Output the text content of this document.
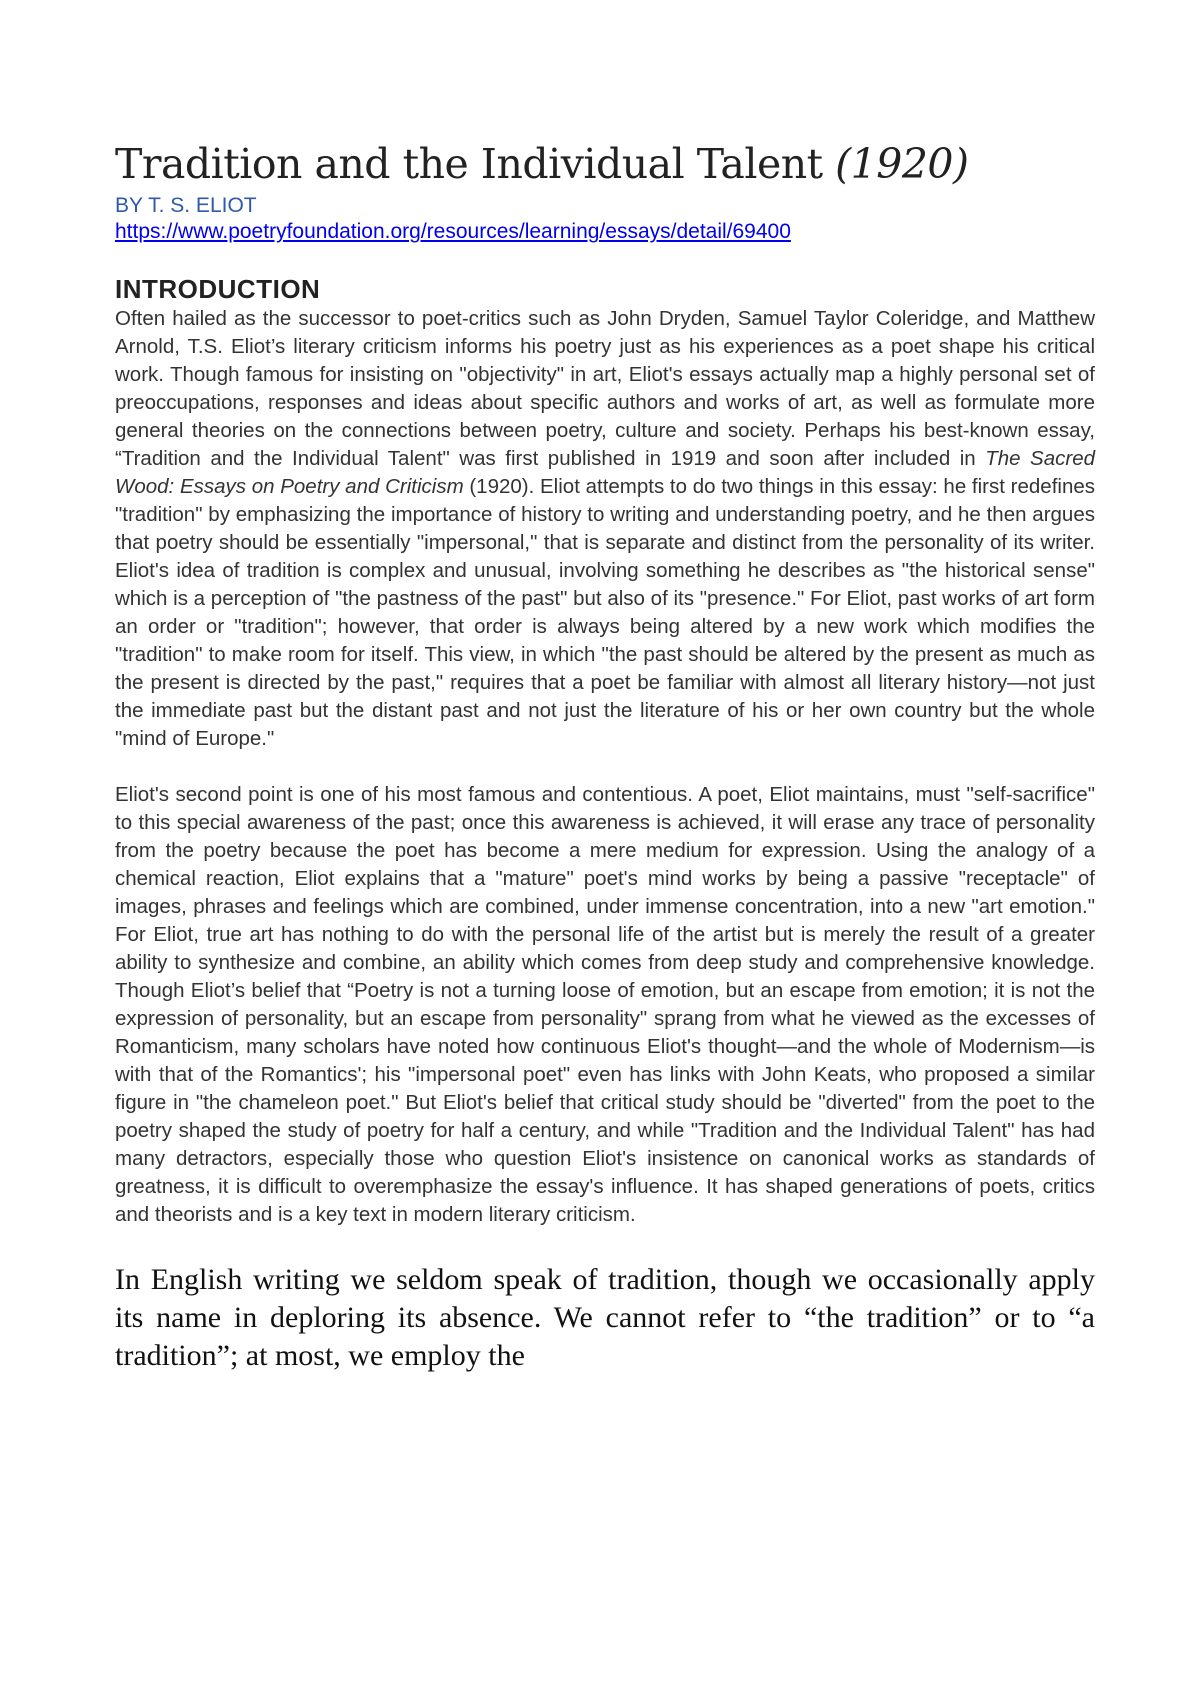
Tradition and the Individual Talent (1920)
BY T. S. ELIOT
https://www.poetryfoundation.org/resources/learning/essays/detail/69400
INTRODUCTION

Often hailed as the successor to poet-critics such as John Dryden, Samuel Taylor Coleridge, and Matthew Arnold, T.S. Eliot’s literary criticism informs his poetry just as his experiences as a poet shape his critical work. Though famous for insisting on "objectivity" in art, Eliot's essays actually map a highly personal set of preoccupations, responses and ideas about specific authors and works of art, as well as formulate more general theories on the connections between poetry, culture and society. Perhaps his best-known essay, “Tradition and the Individual Talent" was first published in 1919 and soon after included in The Sacred Wood: Essays on Poetry and Criticism (1920). Eliot attempts to do two things in this essay: he first redefines "tradition" by emphasizing the importance of history to writing and understanding poetry, and he then argues that poetry should be essentially "impersonal," that is separate and distinct from the personality of its writer. Eliot's idea of tradition is complex and unusual, involving something he describes as "the historical sense" which is a perception of "the pastness of the past" but also of its "presence." For Eliot, past works of art form an order or "tradition"; however, that order is always being altered by a new work which modifies the "tradition" to make room for itself. This view, in which "the past should be altered by the present as much as the present is directed by the past," requires that a poet be familiar with almost all literary history—not just the immediate past but the distant past and not just the literature of his or her own country but the whole "mind of Europe."

Eliot's second point is one of his most famous and contentious. A poet, Eliot maintains, must "self-sacrifice" to this special awareness of the past; once this awareness is achieved, it will erase any trace of personality from the poetry because the poet has become a mere medium for expression. Using the analogy of a chemical reaction, Eliot explains that a "mature" poet's mind works by being a passive "receptacle" of images, phrases and feelings which are combined, under immense concentration, into a new "art emotion." For Eliot, true art has nothing to do with the personal life of the artist but is merely the result of a greater ability to synthesize and combine, an ability which comes from deep study and comprehensive knowledge. Though Eliot’s belief that “Poetry is not a turning loose of emotion, but an escape from emotion; it is not the expression of personality, but an escape from personality" sprang from what he viewed as the excesses of Romanticism, many scholars have noted how continuous Eliot's thought—and the whole of Modernism—is with that of the Romantics'; his "impersonal poet" even has links with John Keats, who proposed a similar figure in "the chameleon poet." But Eliot's belief that critical study should be "diverted" from the poet to the poetry shaped the study of poetry for half a century, and while "Tradition and the Individual Talent" has had many detractors, especially those who question Eliot's insistence on canonical works as standards of greatness, it is difficult to overemphasize the essay's influence. It has shaped generations of poets, critics and theorists and is a key text in modern literary criticism.

In English writing we seldom speak of tradition, though we occasionally apply its name in deploring its absence. We cannot refer to “the tradition” or to “a tradition”; at most, we employ the
